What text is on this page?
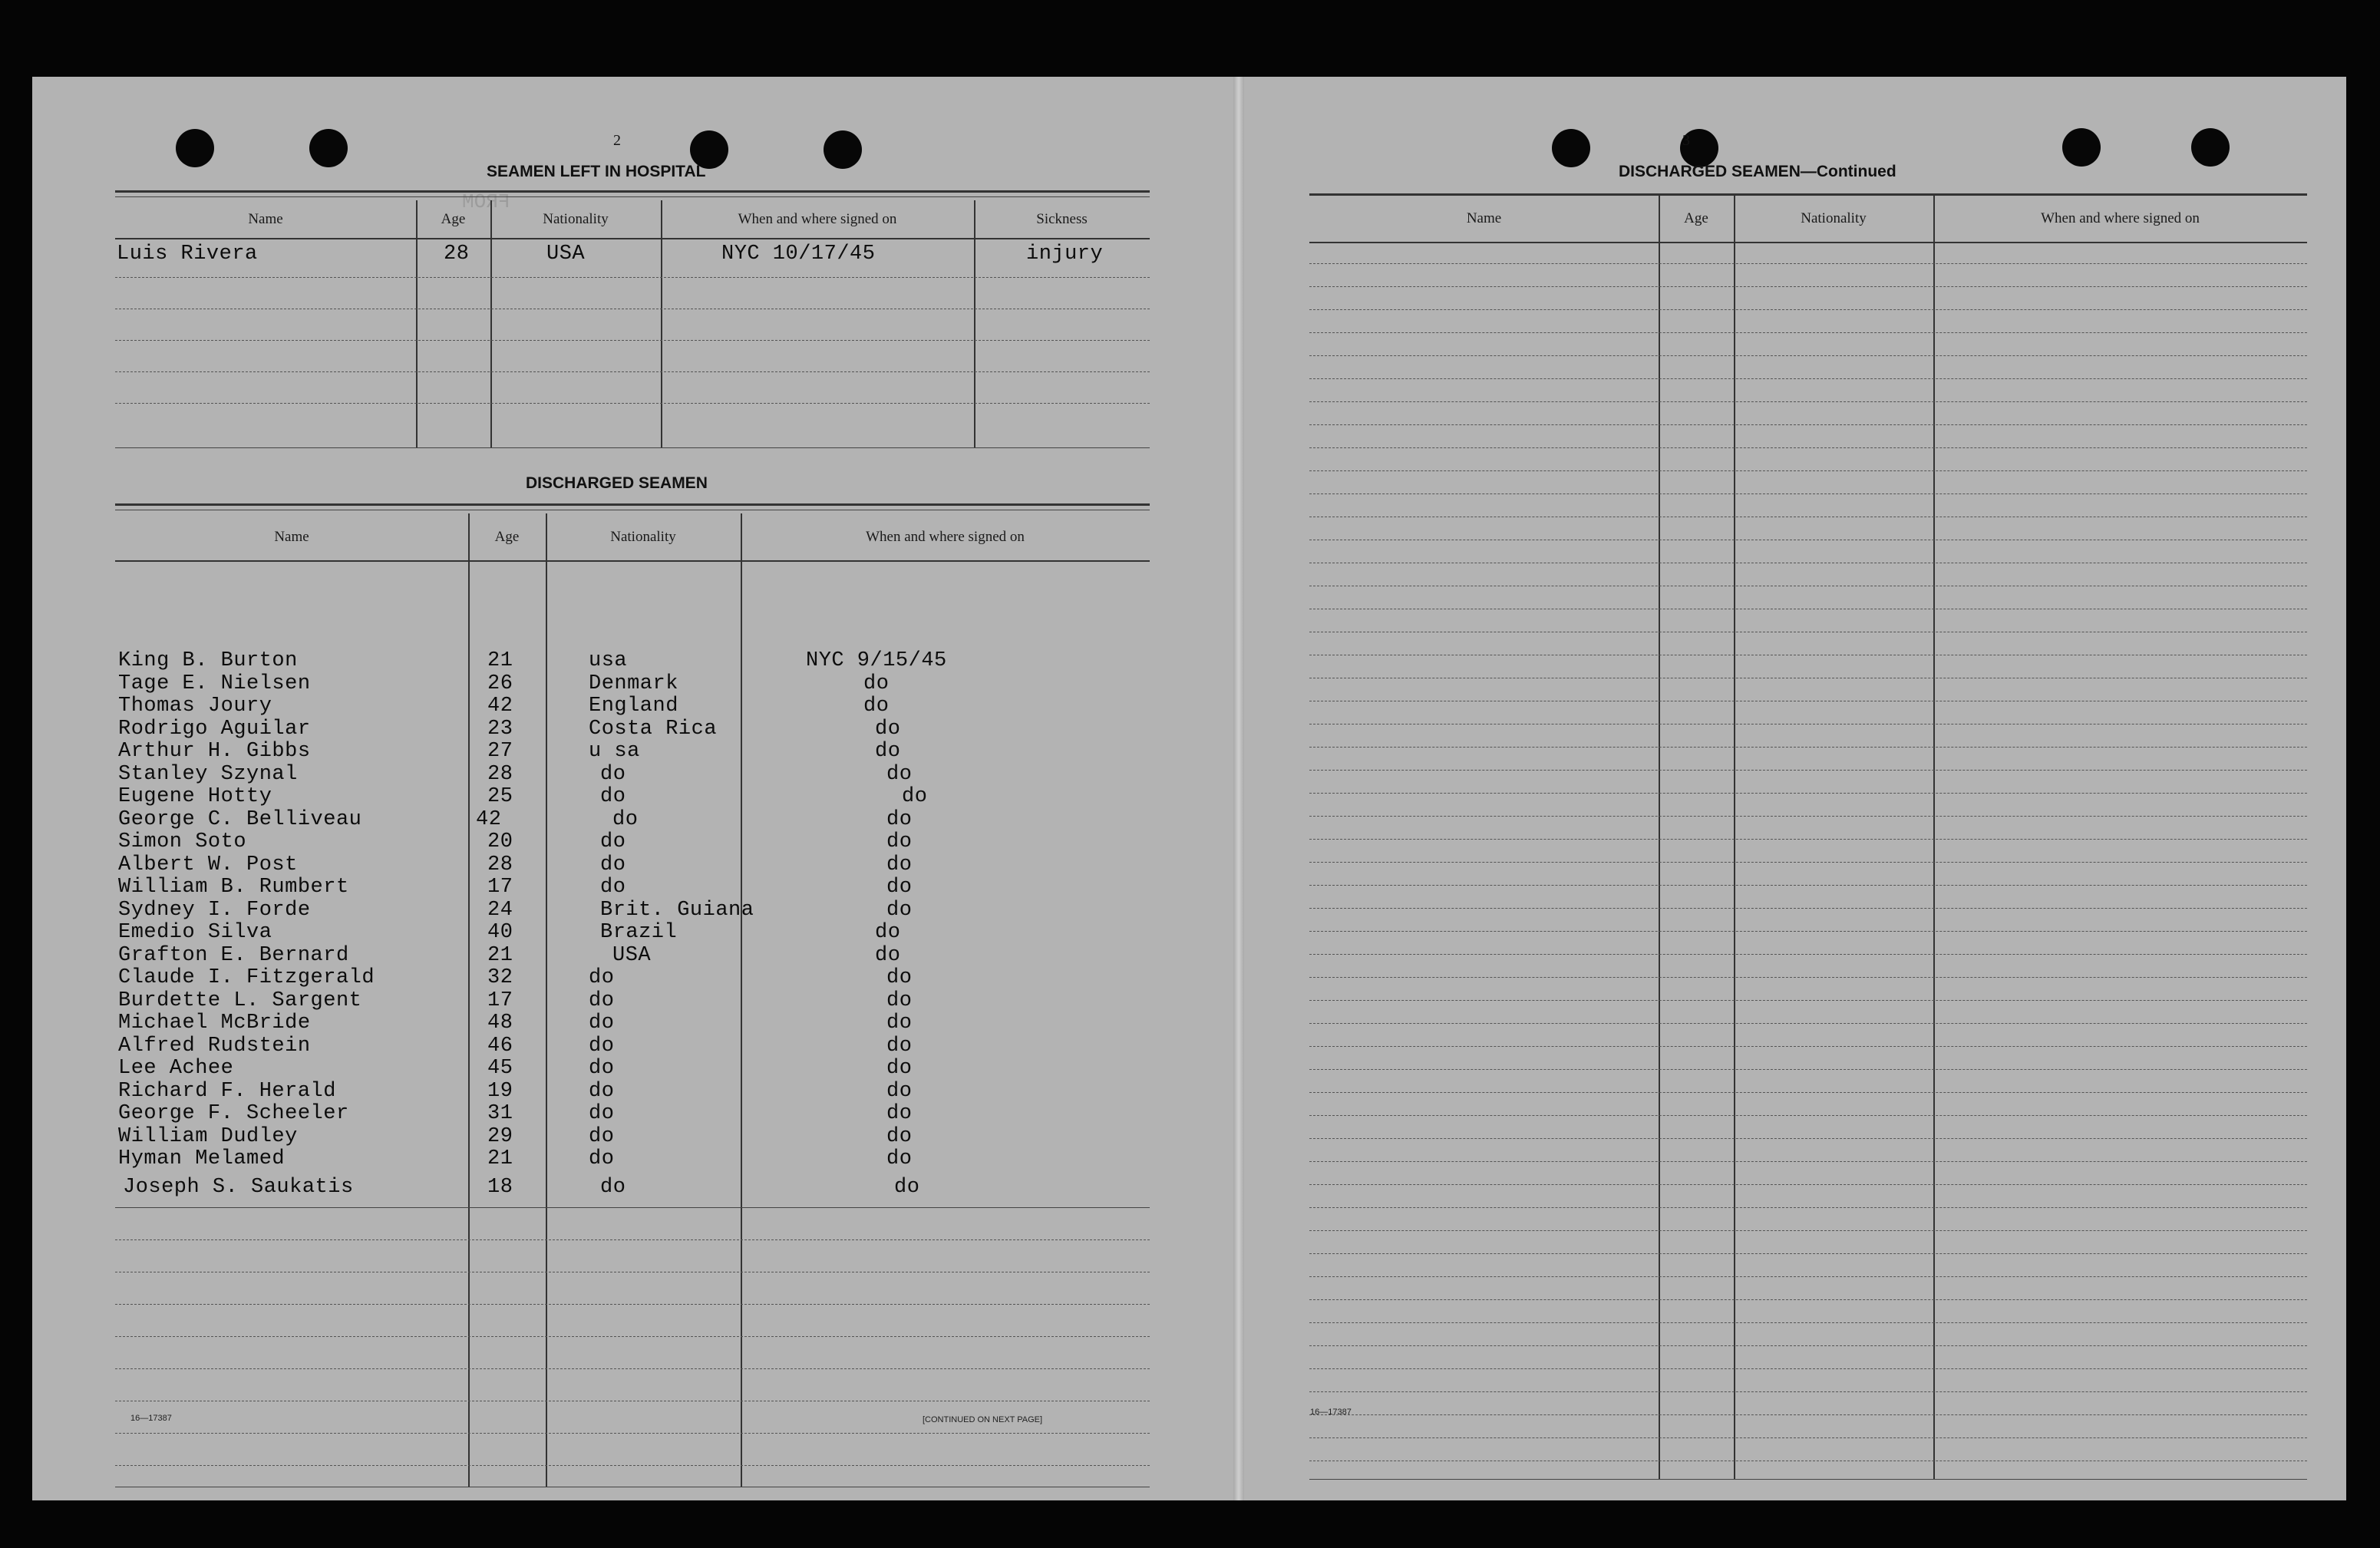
FROM
2
SEAMEN LEFT IN HOSPITAL
Name	Age	Nationality	When and where signed on	Sickness
Luis Rivera	28	USA	NYC 10/17/45	injury
DISCHARGED SEAMEN
Name	Age	Nationality	When and where signed on
King B. Burton	21	usa	NYC 9/15/45
Tage E. Nielsen	26	Denmark	do
Thomas Joury	42	England	do
Rodrigo Aguilar	23	Costa Rica	do
Arthur H. Gibbs	27	u sa	do
Stanley Szynal	28	do	do
Eugene Hotty	25	do	do
George C. Belliveau	42	do	do
Simon Soto	20	do	do
Albert W. Post	28	do	do
William B. Rumbert	17	do	do
Sydney I. Forde	24	Brit. Guiana	do
Emedio Silva	40	Brazil	do
Grafton E. Bernard	21	USA	do
Claude I. Fitzgerald	32	do	do
Burdette L. Sargent	17	do	do
Michael McBride	48	do	do
Alfred Rudstein	46	do	do
Lee Achee	45	do	do
Richard F. Herald	19	do	do
George F. Scheeler	31	do	do
William Dudley	29	do	do
Hyman Melamed	21	do	do
Joseph S. Saukatis	18	do	do
16—17387	[CONTINUED ON NEXT PAGE]
3
DISCHARGED SEAMEN—Continued
Name	Age	Nationality	When and where signed on
16—17387
